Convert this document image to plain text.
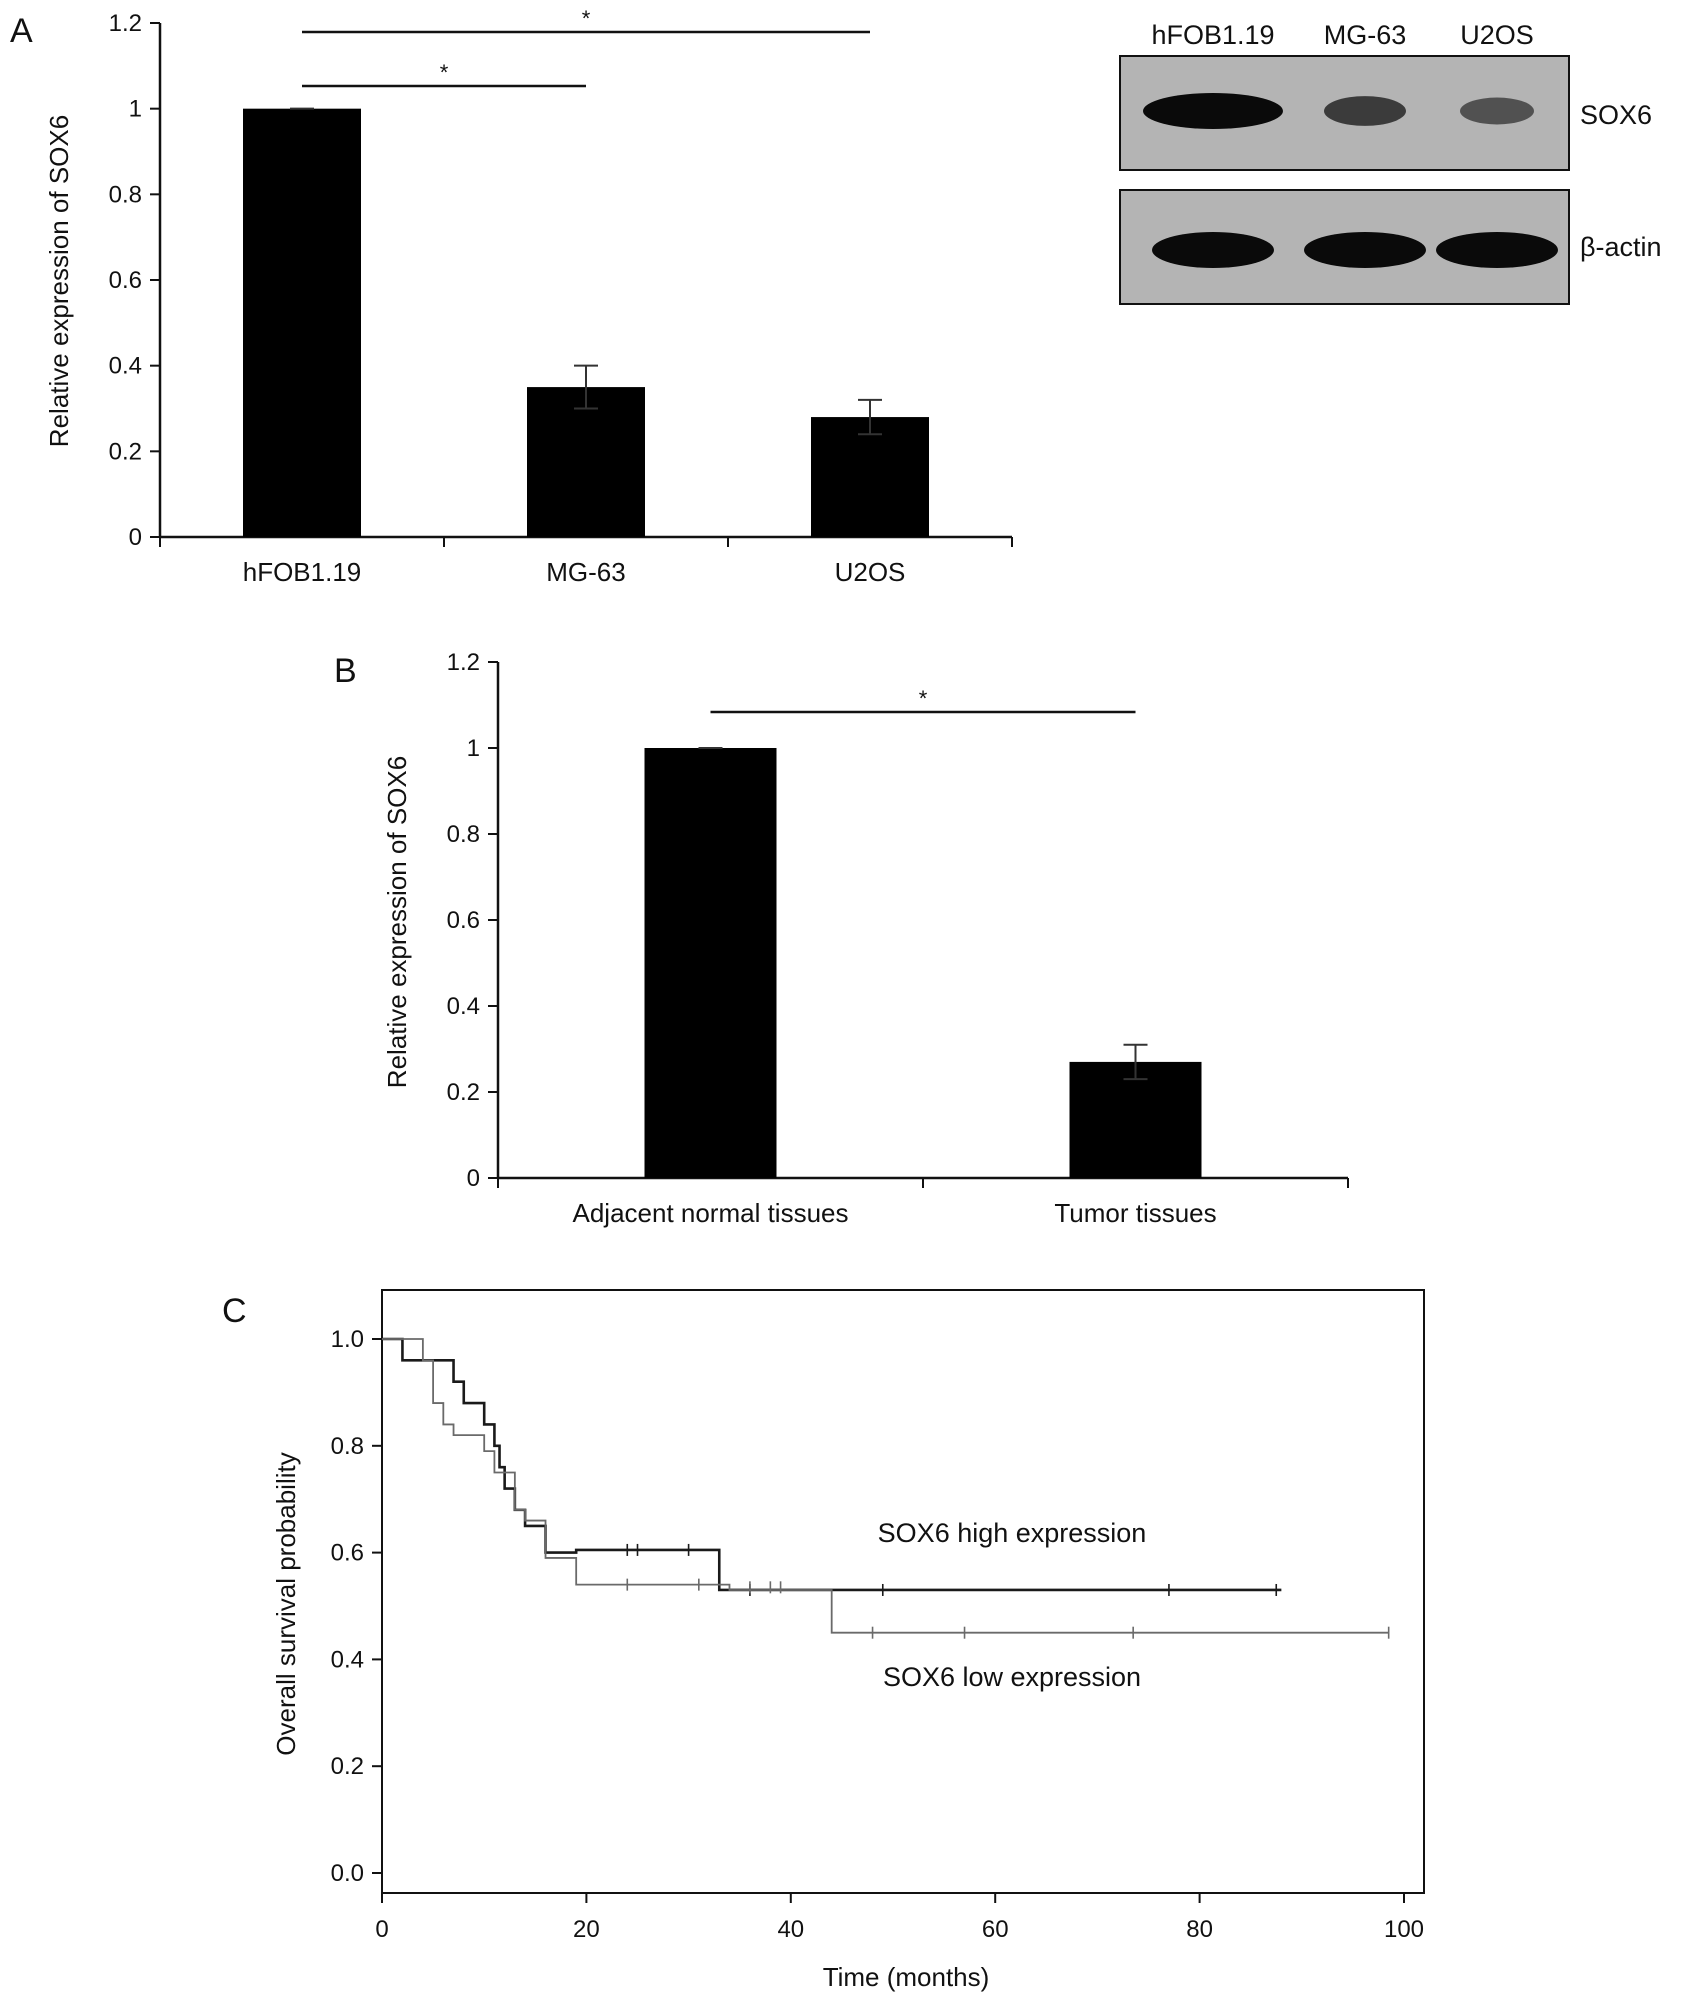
A
0
0.2
0.4
0.6
0.8
1
1.2
hFOB1.19	MG-63	U2OS
*
*
Relative expression of SOX6
hFOB1.19 MG-63 U2OS
SOX6
β-actin
B
0
0.2
0.4
0.6
0.8
1
1.2
Adjacent normal tissues	Tumor tissues
*
Relative expression of SOX6
C
0.0
0.2
0.4
0.6
0.8
1.0
0	20	40	60	80	100
Time (months)
Overall survival probability	SOX6 high expression
SOX6 low expression
